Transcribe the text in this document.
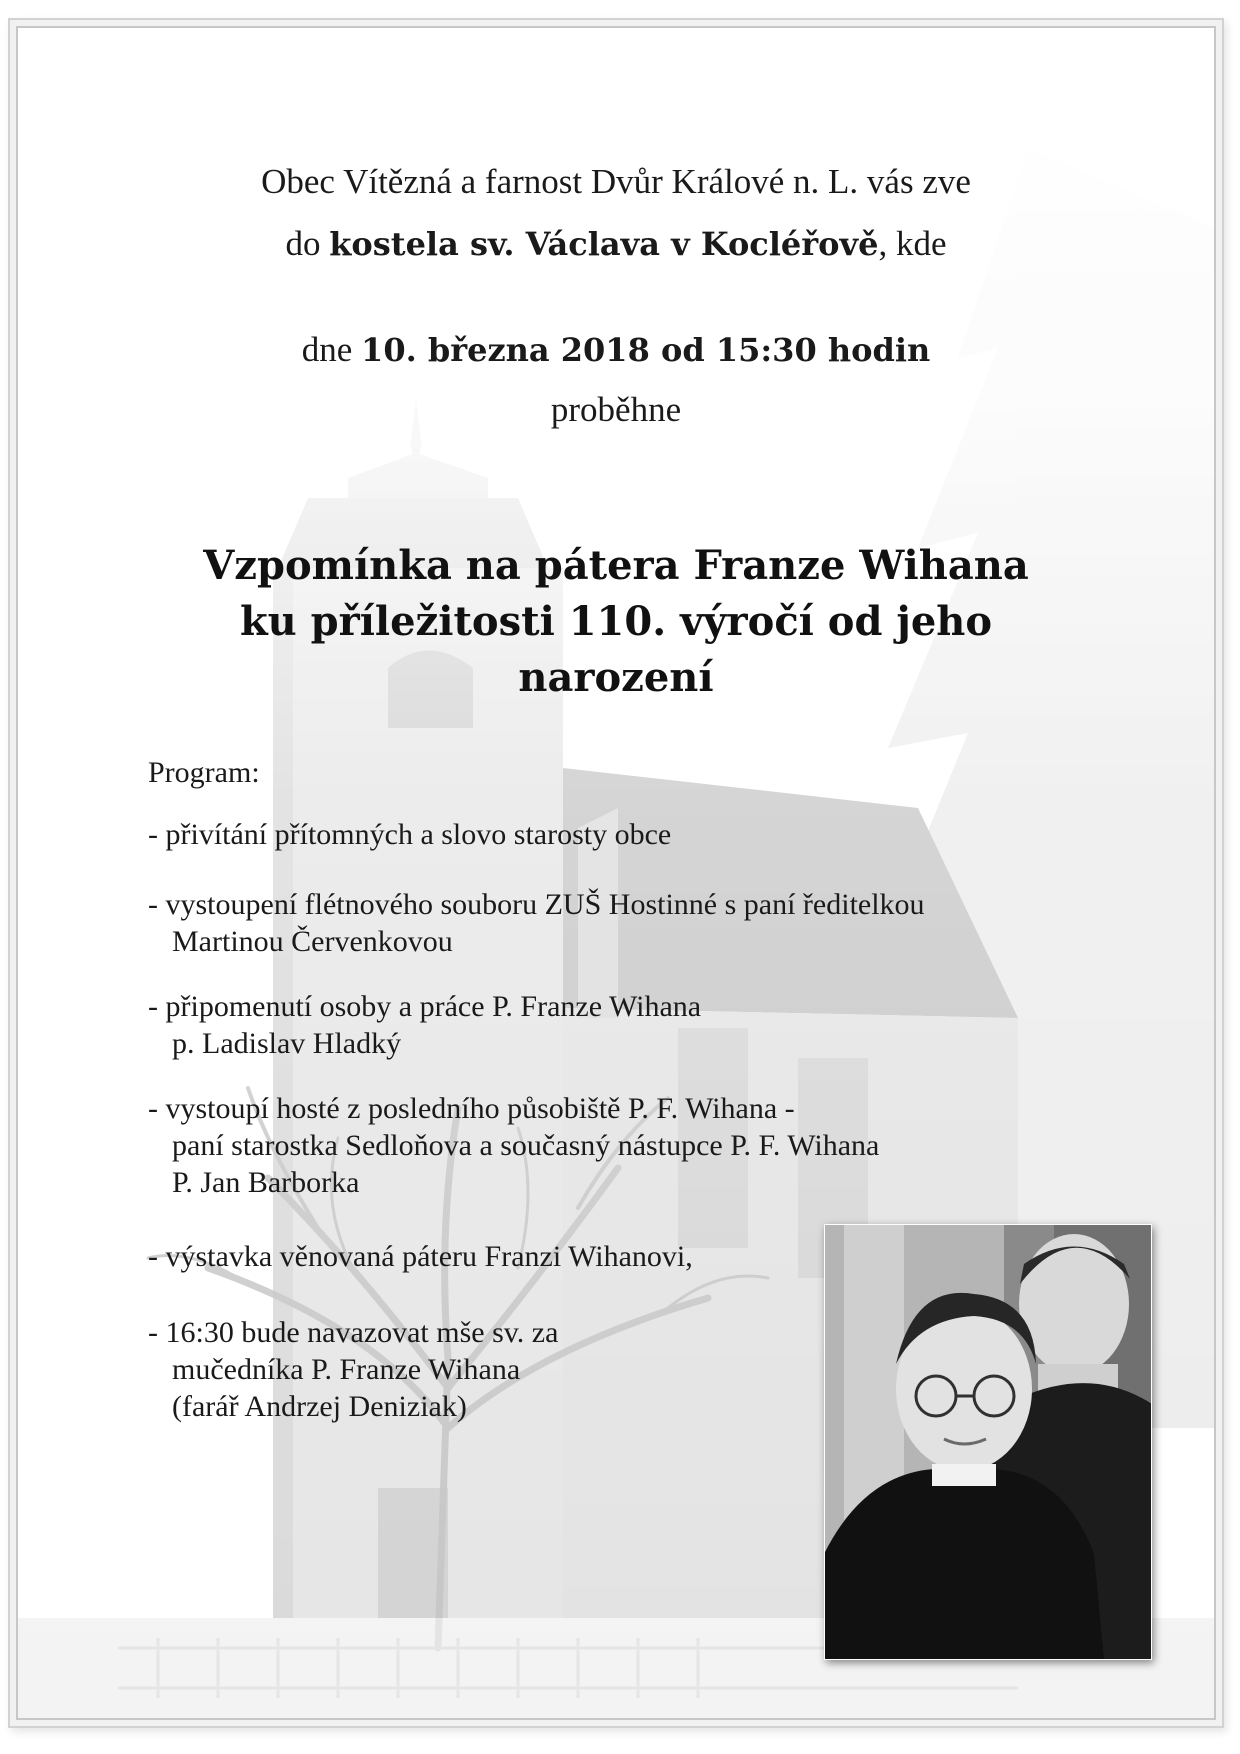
Obec Vítězná a farnost Dvůr Králové n. L. vás zve
do kostela sv. Václava v Kocléřově, kde
dne 10. března 2018 od 15:30 hodin
proběhne
Vzpomínka na pátera Franze Wihana
ku příležitosti 110. výročí od jeho
narození
Program:
- přivítání přítomných a slovo starosty obce
- vystoupení flétnového souboru ZUŠ Hostinné s paní ředitelkou
Martinou Červenkovou
- připomenutí osoby a práce P. Franze Wihana
p. Ladislav Hladký
- vystoupí hosté z posledního působiště P. F. Wihana -
paní starostka Sedloňova a současný nástupce P. F. Wihana
P. Jan Barborka
- výstavka věnovaná páteru Franzi Wihanovi,
- 16:30 bude navazovat mše sv. za
mučedníka P. Franze Wihana
(farář Andrzej Deniziak)
